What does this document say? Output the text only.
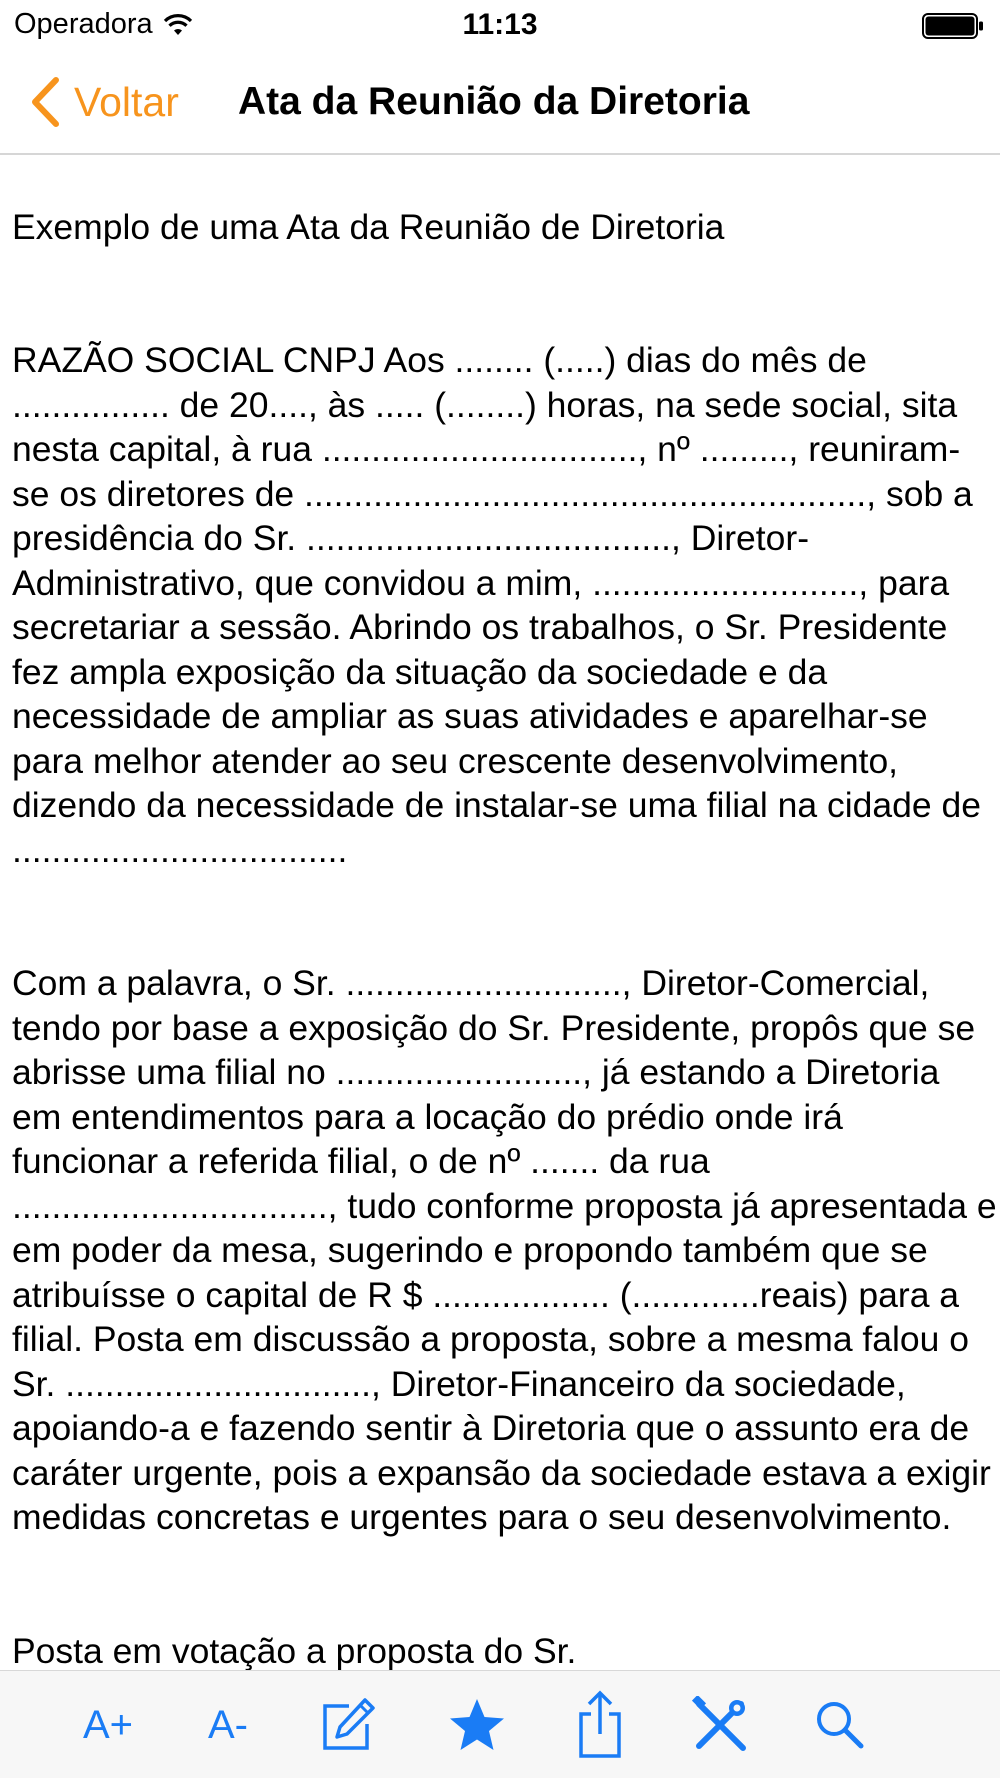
Operadora	11:13
Voltar Ata da Reunião da Diretoria

Exemplo de uma Ata da Reunião de Diretoria

RAZÃO SOCIAL CNPJ Aos ........ (.....) dias do mês de ................ de 20...., às ..... (........) horas, na sede social, sita nesta capital, à rua ................................, nº ........., reuniram-se os diretores de ........................................................., sob a presidência do Sr. ....................................., Diretor-Administrativo, que convidou a mim, ..........................., para secretariar a sessão. Abrindo os trabalhos, o Sr. Presidente fez ampla exposição da situação da sociedade e da necessidade de ampliar as suas atividades e aparelhar-se para melhor atender ao seu crescente desenvolvimento, dizendo da necessidade de instalar-se uma filial na cidade de ..................................

Com a palavra, o Sr. ............................, Diretor-Comercial, tendo por base a exposição do Sr. Presidente, propôs que se abrisse uma filial no ........................., já estando a Diretoria em entendimentos para a locação do prédio onde irá funcionar a referida filial, o de nº ....... da rua ................................, tudo conforme proposta já apresentada e em poder da mesa, sugerindo e propondo também que se atribuísse o capital de R $ .................. (.............reais) para a filial. Posta em discussão a proposta, sobre a mesma falou o Sr. ..............................., Diretor-Financeiro da sociedade, apoiando-a e fazendo sentir à Diretoria que o assunto era de caráter urgente, pois a expansão da sociedade estava a exigir medidas concretas e urgentes para o seu desenvolvimento.

Posta em votação a proposta do Sr.

A+	A-
